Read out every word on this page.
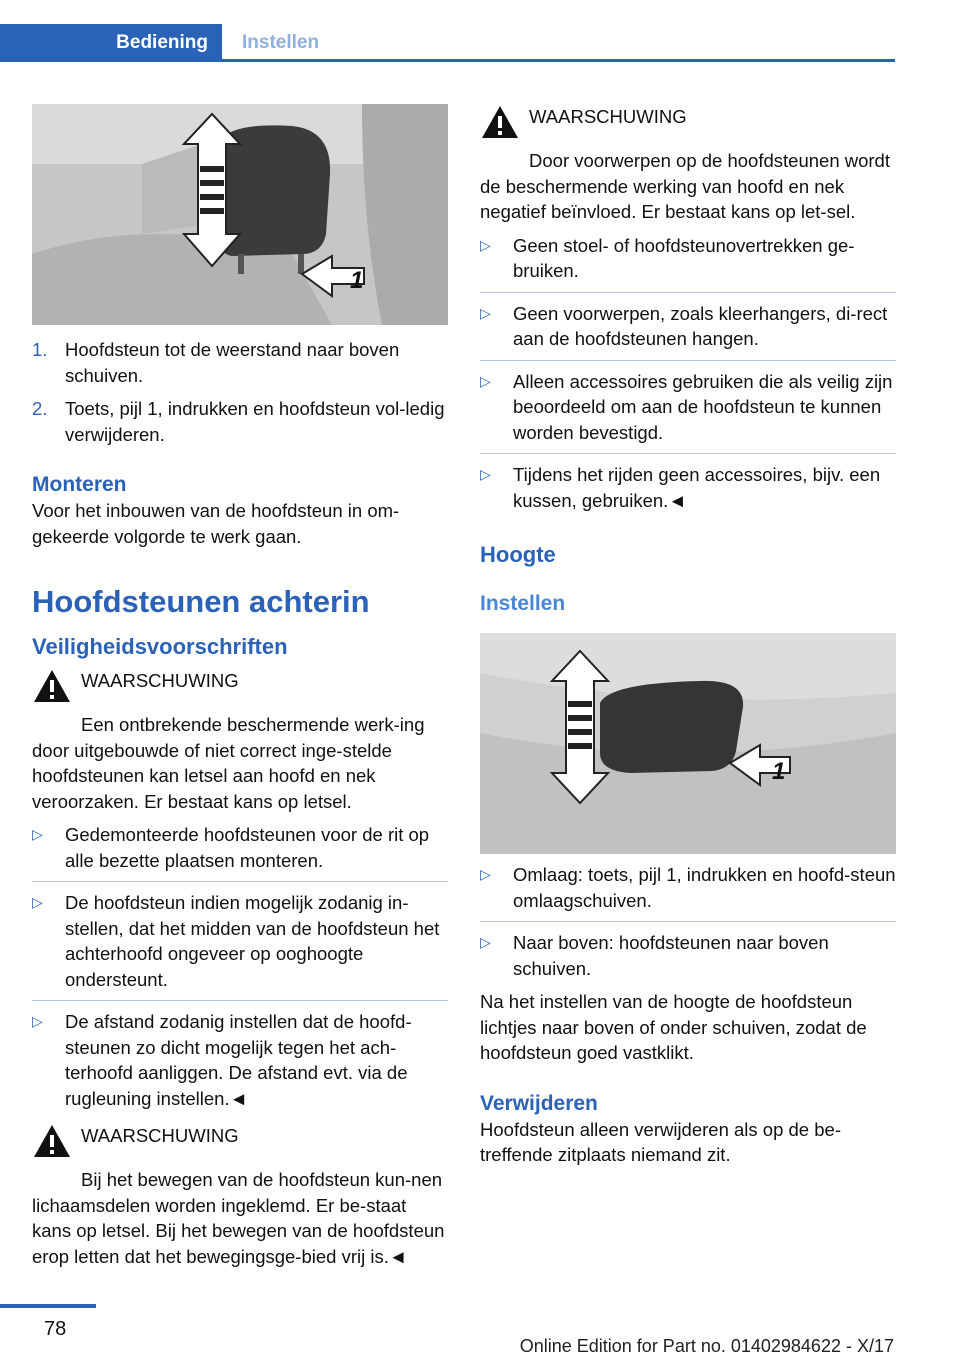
Bediening	Instellen
1
1. Hoofdsteun tot de weerstand naar boven schuiven.
2. Toets, pijl 1, indrukken en hoofdsteun vol-ledig verwijderen.
Monteren

Voor het inbouwen van de hoofdsteun in om-gekeerde volgorde te werk gaan.

Hoofdsteunen achterin
Veiligheidsvoorschriften
WAARSCHUWING

Een ontbrekende beschermende werk-ing door uitgebouwde of niet correct inge-stelde hoofdsteunen kan letsel aan hoofd en nek veroorzaken. Er bestaat kans op letsel.

▷ Gedemonteerde hoofdsteunen voor de rit op alle bezette plaatsen monteren.
▷ De hoofdsteun indien mogelijk zodanig in-stellen, dat het midden van de hoofdsteun het achterhoofd ongeveer op ooghoogte ondersteunt.
▷ De afstand zodanig instellen dat de hoofd-steunen zo dicht mogelijk tegen het ach-terhoofd aanliggen. De afstand evt. via de rugleuning instellen.◄
WAARSCHUWING

Bij het bewegen van de hoofdsteun kun-nen lichaamsdelen worden ingeklemd. Er be-staat kans op letsel. Bij het bewegen van de hoofdsteun erop letten dat het bewegingsge-bied vrij is.◄

WAARSCHUWING

Door voorwerpen op de hoofdsteunen wordt de beschermende werking van hoofd en nek negatief beïnvloed. Er bestaat kans op let-sel.

▷ Geen stoel- of hoofdsteunovertrekken ge-bruiken.
▷ Geen voorwerpen, zoals kleerhangers, di-rect aan de hoofdsteunen hangen.
▷ Alleen accessoires gebruiken die als veilig zijn beoordeeld om aan de hoofdsteun te kunnen worden bevestigd.
▷ Tijdens het rijden geen accessoires, bijv. een kussen, gebruiken.◄
Hoogte
Instellen
1
▷ Omlaag: toets, pijl 1, indrukken en hoofd-steun omlaagschuiven.
▷ Naar boven: hoofdsteunen naar boven schuiven.

Na het instellen van de hoogte de hoofdsteun lichtjes naar boven of onder schuiven, zodat de hoofdsteun goed vastklikt.

Verwijderen

Hoofdsteun alleen verwijderen als op de be-treffende zitplaats niemand zit.

78
Online Edition for Part no. 01402984622 - X/17
